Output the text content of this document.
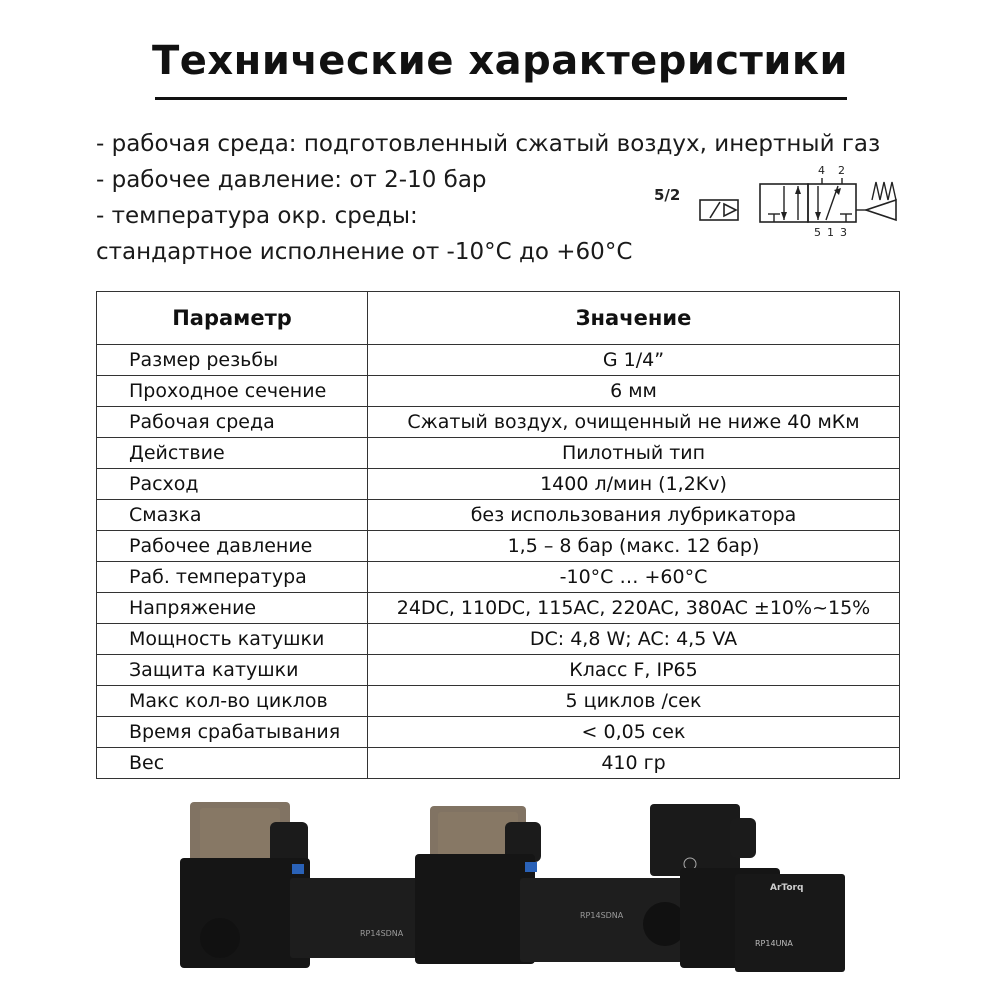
Технические характеристики
- рабочая среда: подготовленный сжатый воздух, инертный газ
- рабочее давление: от 2-10 бар
- температура окр. среды:
стандартное исполнение от -10°C до +60°C
5/2
4 2
5 1 3
Параметр	Значение
Размер резьбы	G 1/4”
Проходное сечение	6 мм
Рабочая среда	Сжатый воздух, очищенный не ниже 40 мКм
Действие	Пилотный тип
Расход	1400 л/мин (1,2Kv)
Смазка	без использования лубрикатора
Рабочее давление	1,5 – 8 бар (макс. 12 бар)
Раб. температура	-10°C … +60°C
Напряжение	24DC, 110DC, 115AC, 220AC, 380AC ±10%~15%
Мощность катушки	DC: 4,8 W; AC: 4,5 VA
Защита катушки	Класс F, IP65
Макс кол-во циклов	5 циклов /сек
Время срабатывания	< 0,05 сек
Вес	410 гр
RP14SDNA
RP14SDNA
ArTorq
RP14UNA
